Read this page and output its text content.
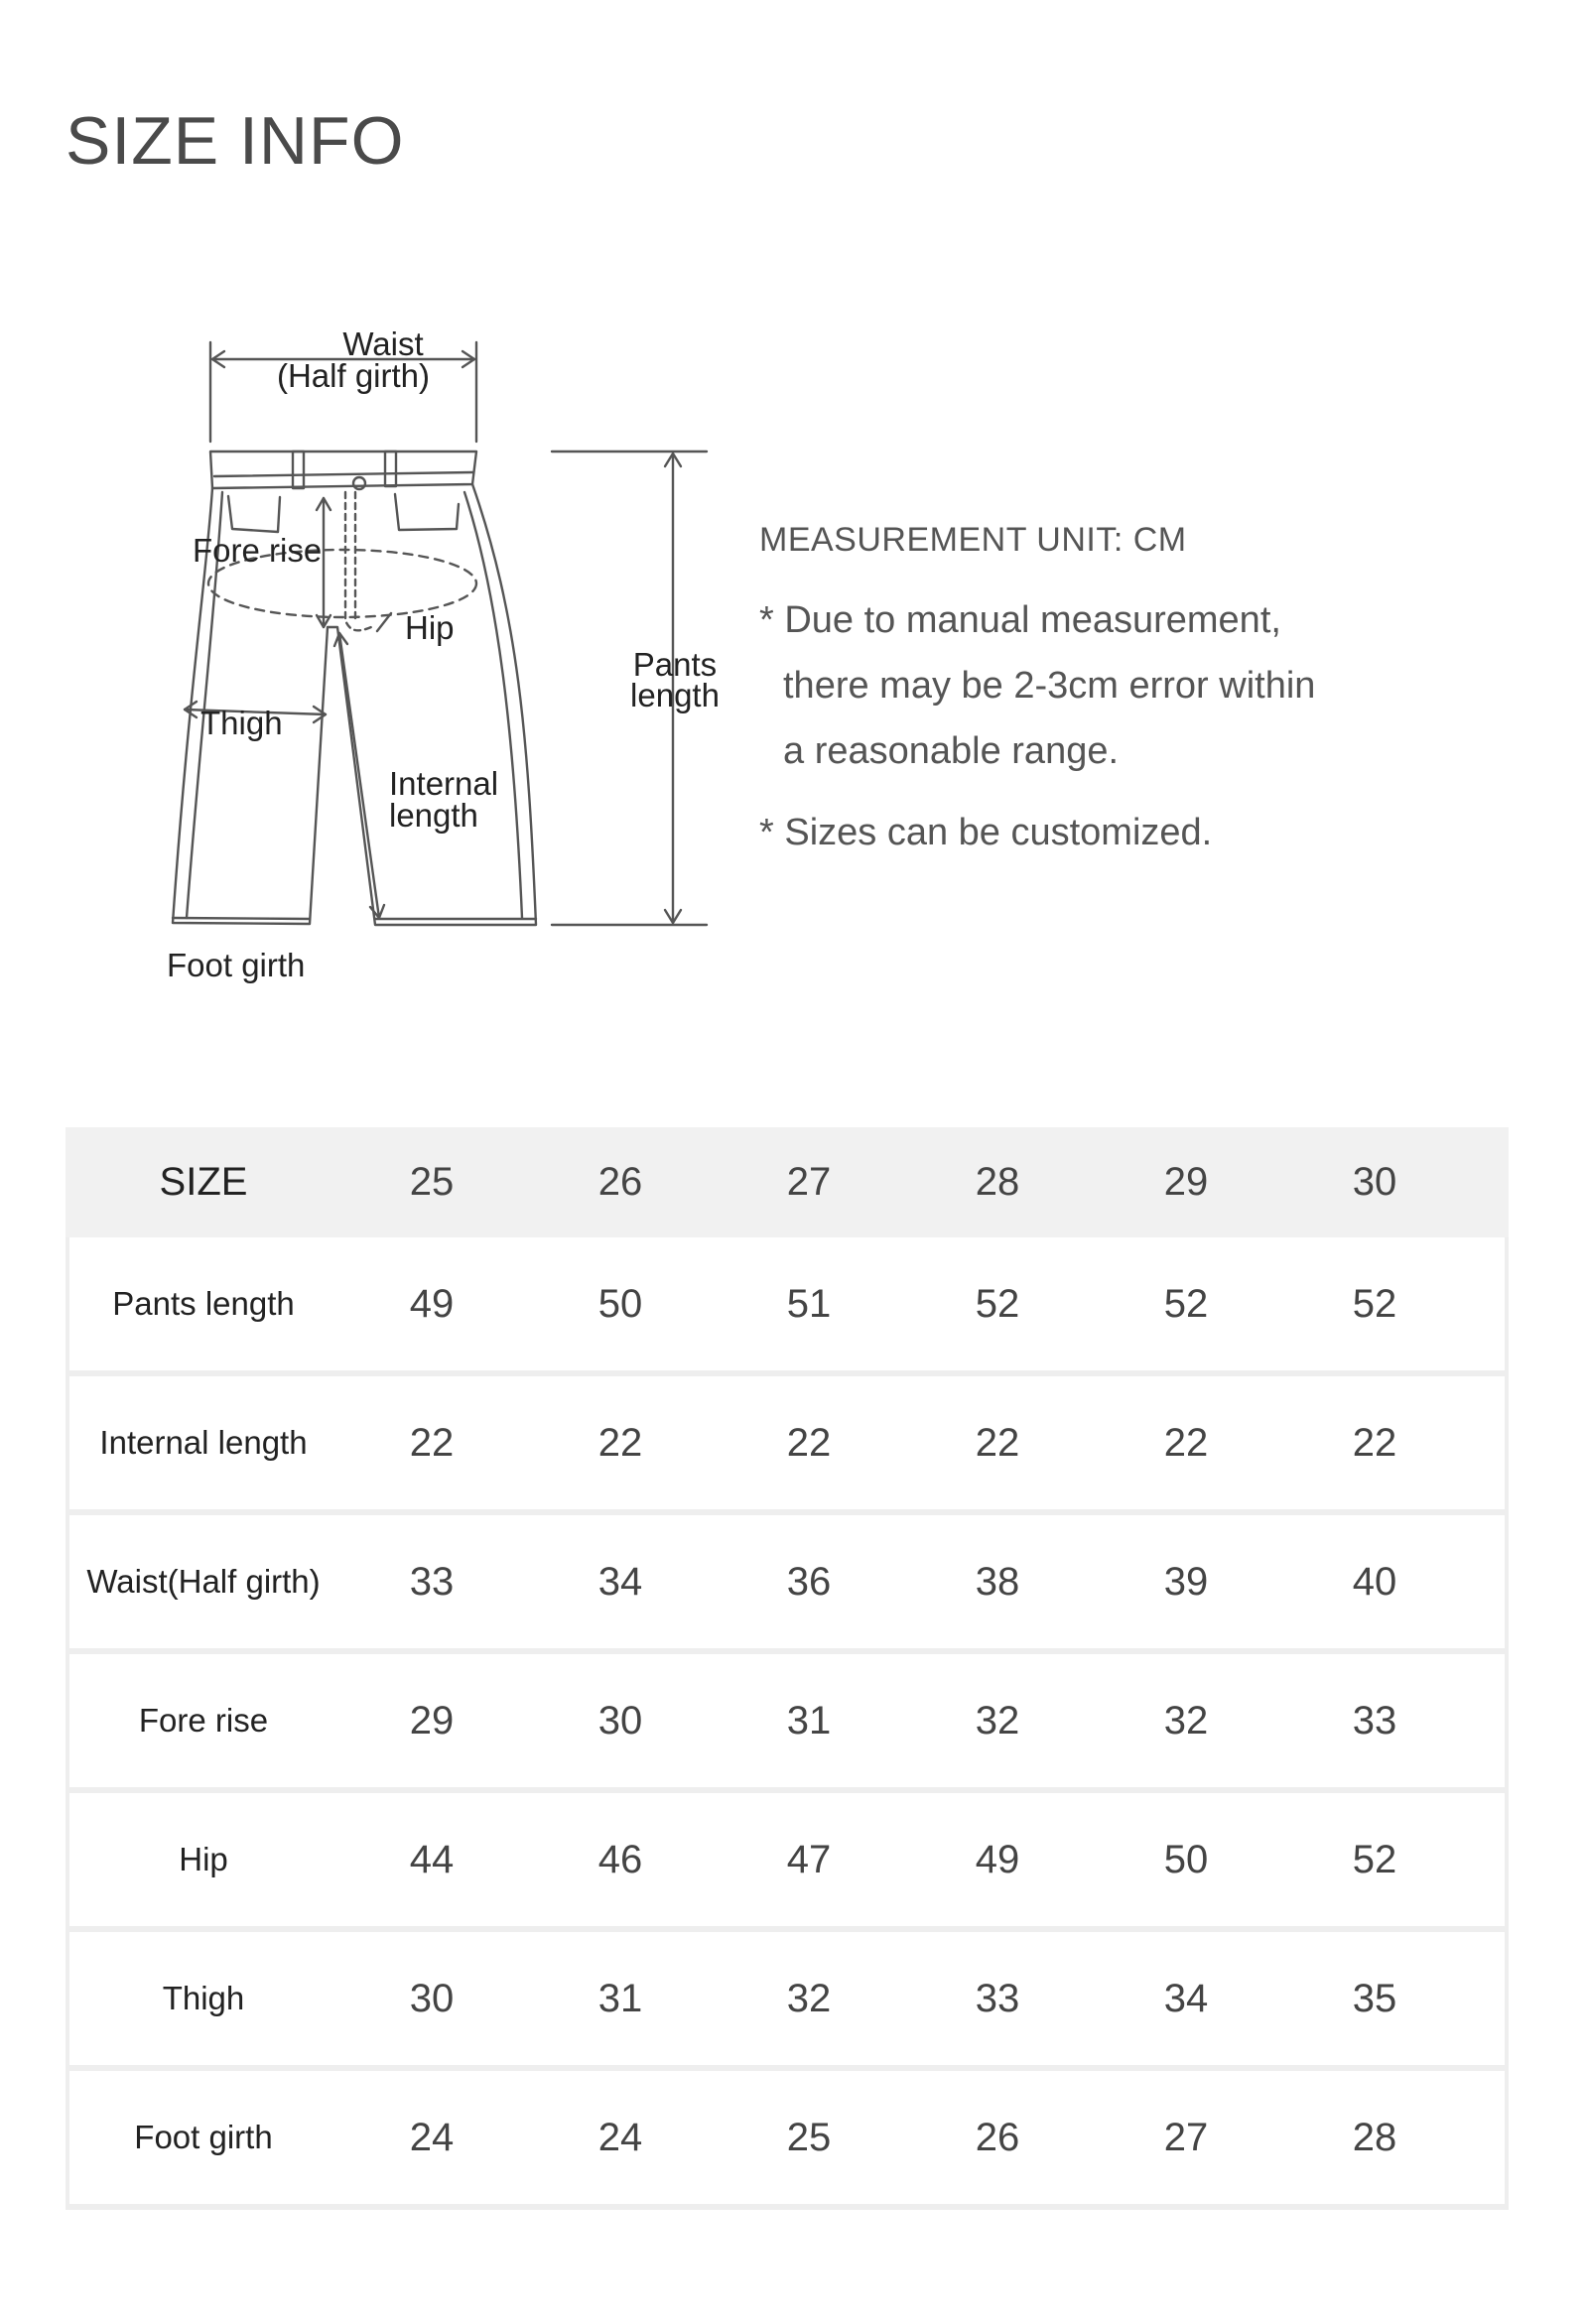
SIZE INFO
Waist
(Half girth)
Fore rise
Hip
Thigh
Internal
length
Pants
length
Foot girth
MEASUREMENT UNIT: CM
* Due to manual measurement,
there may be 2-3cm error within
a reasonable range.
* Sizes can be customized.
SIZE	25	26	27	28	29	30
Pants length	49	50	51	52	52	52
Internal length	22	22	22	22	22	22
Waist(Half girth)	33	34	36	38	39	40
Fore rise	29	30	31	32	32	33
Hip	44	46	47	49	50	52
Thigh	30	31	32	33	34	35
Foot girth	24	24	25	26	27	28
